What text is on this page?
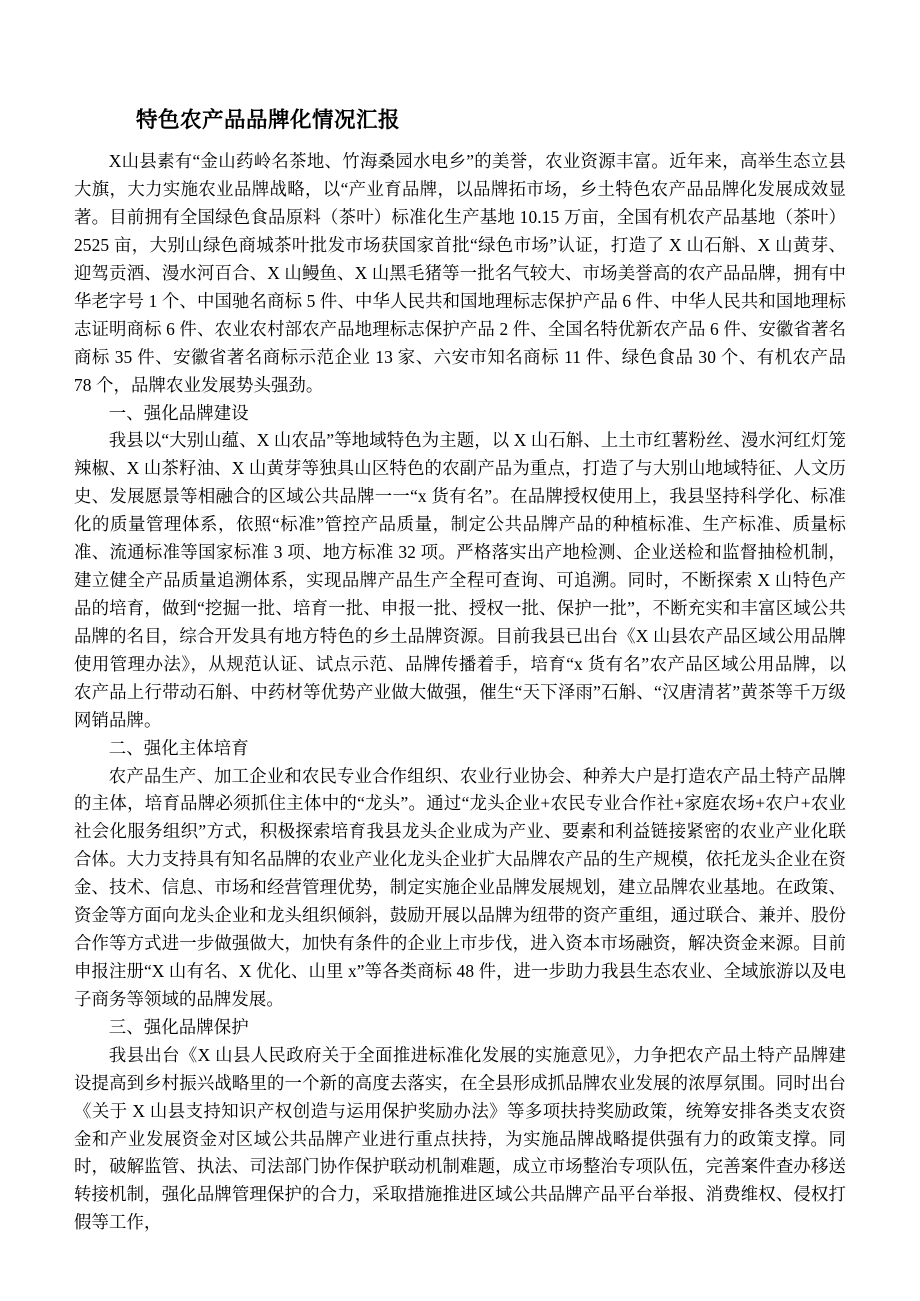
特色农产品品牌化情况汇报

X山县素有“金山药岭名茶地、竹海桑园水电乡”的美誉，农业资源丰富。近年来，高举生态立县大旗，大力实施农业品牌战略，以“产业育品牌，以品牌拓市场，乡土特色农产品品牌化发展成效显著。目前拥有全国绿色食品原料（茶叶）标准化生产基地 10.15 万亩，全国有机农产品基地（茶叶）2525 亩，大别山绿色商城茶叶批发市场获国家首批“绿色市场”认证，打造了 X 山石斛、X 山黄芽、迎驾贡酒、漫水河百合、X 山鳗鱼、X 山黑毛猪等一批名气较大、市场美誉高的农产品品牌，拥有中华老字号 1 个、中国驰名商标 5 件、中华人民共和国地理标志保护产品 6 件、中华人民共和国地理标志证明商标 6 件、农业农村部农产品地理标志保护产品 2 件、全国名特优新农产品 6 件、安徽省著名商标 35 件、安徽省著名商标示范企业 13 家、六安市知名商标 11 件、绿色食品 30 个、有机农产品 78 个，品牌农业发展势头强劲。

一、强化品牌建设

我县以“大别山蕴、X 山农品”等地域特色为主题，以 X 山石斛、上土市红薯粉丝、漫水河红灯笼辣椒、X 山茶籽油、X 山黄芽等独具山区特色的农副产品为重点，打造了与大别山地域特征、人文历史、发展愿景等相融合的区域公共品牌一一“x 货有名”。在品牌授权使用上，我县坚持科学化、标准化的质量管理体系，依照“标准”管控产品质量，制定公共品牌产品的种植标准、生产标准、质量标准、流通标准等国家标准 3 项、地方标准 32 项。严格落实出产地检测、企业送检和监督抽检机制，建立健全产品质量追溯体系，实现品牌产品生产全程可查询、可追溯。同时，不断探索 X 山特色产品的培育，做到“挖掘一批、培育一批、申报一批、授权一批、保护一批”，不断充实和丰富区域公共品牌的名目，综合开发具有地方特色的乡土品牌资源。目前我县已出台《X 山县农产品区域公用品牌使用管理办法》，从规范认证、试点示范、品牌传播着手，培育“x 货有名”农产品区域公用品牌，以农产品上行带动石斛、中药材等优势产业做大做强，催生“天下泽雨”石斛、“汉唐清茗”黄茶等千万级网销品牌。

二、强化主体培育

农产品生产、加工企业和农民专业合作组织、农业行业协会、种养大户是打造农产品土特产品牌的主体，培育品牌必须抓住主体中的“龙头”。通过“龙头企业+农民专业合作社+家庭农场+农户+农业社会化服务组织”方式，积极探索培育我县龙头企业成为产业、要素和利益链接紧密的农业产业化联合体。大力支持具有知名品牌的农业产业化龙头企业扩大品牌农产品的生产规模，依托龙头企业在资金、技术、信息、市场和经营管理优势，制定实施企业品牌发展规划，建立品牌农业基地。在政策、资金等方面向龙头企业和龙头组织倾斜，鼓励开展以品牌为纽带的资产重组，通过联合、兼并、股份合作等方式进一步做强做大，加快有条件的企业上市步伐，进入资本市场融资，解决资金来源。目前申报注册“X 山有名、X 优化、山里 x”等各类商标 48 件，进一步助力我县生态农业、全域旅游以及电子商务等领域的品牌发展。

三、强化品牌保护

我县出台《X 山县人民政府关于全面推进标准化发展的实施意见》，力争把农产品土特产品牌建设提高到乡村振兴战略里的一个新的高度去落实，在全县形成抓品牌农业发展的浓厚氛围。同时出台《关于 X 山县支持知识产权创造与运用保护奖励办法》等多项扶持奖励政策，统筹安排各类支农资金和产业发展资金对区域公共品牌产业进行重点扶持，为实施品牌战略提供强有力的政策支撑。同时，破解监管、执法、司法部门协作保护联动机制难题，成立市场整治专项队伍，完善案件查办移送转接机制，强化品牌管理保护的合力，采取措施推进区域公共品牌产品平台举报、消费维权、侵权打假等工作，
